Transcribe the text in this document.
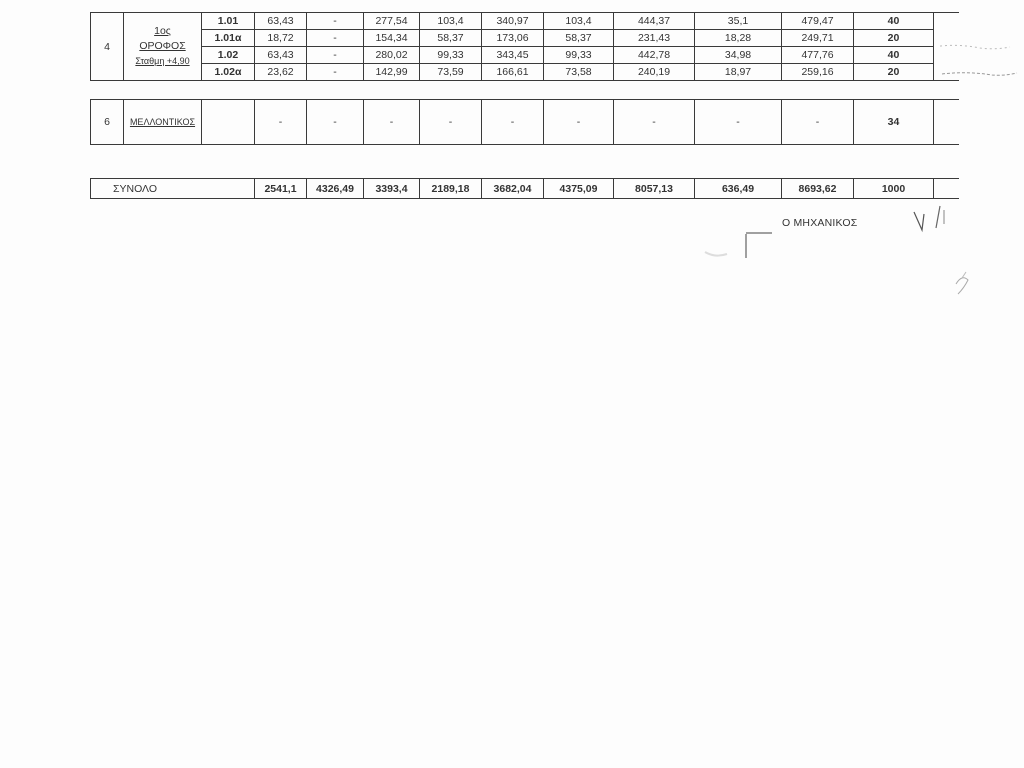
4	1ος
ΟΡΟΦΟΣ
Σταθμη +4,90	1.01	63,43	-	277,54	103,4	340,97	103,4	444,37	35,1	479,47	40	
		1.01α	18,72	-	154,34	58,37	173,06	58,37	231,43	18,28	249,71	20	
		1.02	63,43	-	280,02	99,33	343,45	99,33	442,78	34,98	477,76	40	
		1.02α	23,62	-	142,99	73,59	166,61	73,58	240,19	18,97	259,16	20	
6	ΜΕΛΛΟΝΤΙΚΟΣ		-	-	-	-	-	-	-	-	-	34	
ΣΥΝΟΛΟ	2541,1	4326,49	3393,4	2189,18	3682,04	4375,09	8057,13	636,49	8693,62	1000	
Ο ΜΗΧΑΝΙΚΟΣ
